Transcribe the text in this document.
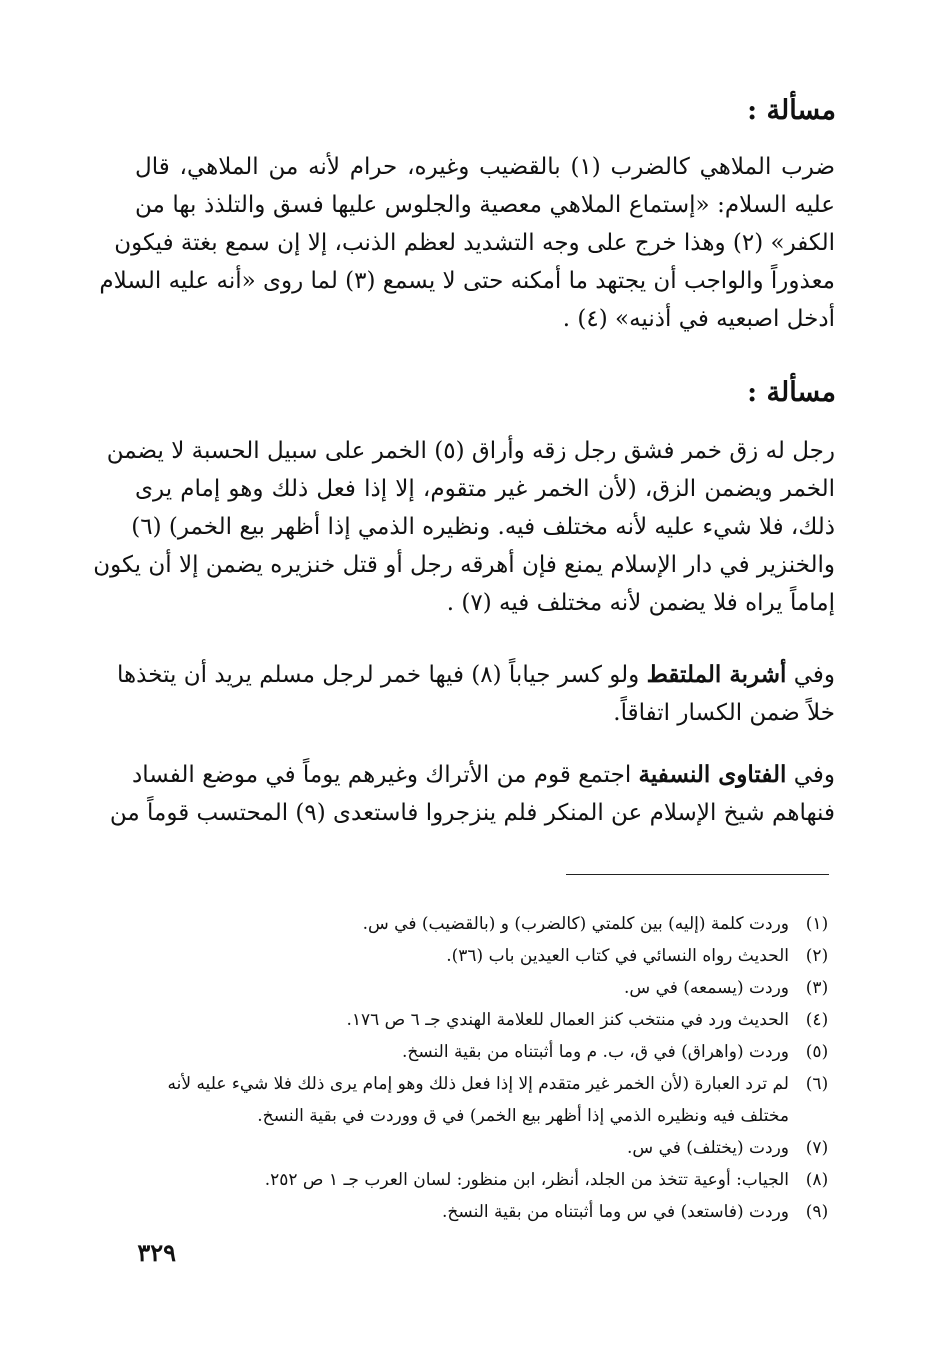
مسألة :
ضرب الملاهي كالضرب (١) بالقضيب وغيره، حرام لأنه من الملاهي، قال
عليه السلام: «إستماع الملاهي معصية والجلوس عليها فسق والتلذذ بها من
الكفر» (٢) وهذا خرج على وجه التشديد لعظم الذنب، إلا إن سمع بغتة فيكون
معذوراً والواجب أن يجتهد ما أمكنه حتى لا يسمع (٣) لما روى «أنه عليه السلام
أدخل اصبعيه في أذنيه» (٤) .
مسألة :
رجل له زق خمر فشق رجل زقه وأراق (٥) الخمر على سبيل الحسبة لا يضمن
الخمر ويضمن الزق، (لأن الخمر غير متقوم، إلا إذا فعل ذلك وهو إمام يرى
ذلك، فلا شيء عليه لأنه مختلف فيه. ونظيره الذمي إذا أظهر بيع الخمر) (٦)
والخنزير في دار الإسلام يمنع فإن أهرقه رجل أو قتل خنزيره يضمن إلا أن يكون
إماماً يراه فلا يضمن لأنه مختلف فيه (٧) .
وفي أشربة الملتقط ولو كسر جياباً (٨) فيها خمر لرجل مسلم يريد أن يتخذها
خلاً ضمن الكسار اتفاقاً.
وفي الفتاوى النسفية اجتمع قوم من الأتراك وغيرهم يوماً في موضع الفساد
فنهاهم شيخ الإسلام عن المنكر فلم ينزجروا فاستعدى (٩) المحتسب قوماً من
(١)
وردت كلمة (إليه) بين كلمتي (كالضرب) و (بالقضيب) في س.
(٢)
الحديث رواه النسائي في كتاب العيدين باب (٣٦).
(٣)
وردت (يسمعه) في س.
(٤)
الحديث ورد في منتخب كنز العمال للعلامة الهندي جـ ٦ ص ١٧٦.
(٥)
وردت (واهراق) في ق، ب. م وما أثبتناه من بقية النسخ.
(٦)
لم ترد العبارة (لأن الخمر غير متقدم إلا إذا فعل ذلك وهو إمام يرى ذلك فلا شيء عليه لأنه مختلف فيه ونظيره الذمي إذا أظهر بيع الخمر) في ق ووردت في بقية النسخ.
(٧)
وردت (يختلف) في س.
(٨)
الجياب: أوعية تتخذ من الجلد، أنظر، ابن منظور: لسان العرب جـ ١ ص ٢٥٢.
(٩)
وردت (فاستعد) في س وما أثبتناه من بقية النسخ.
٣٢٩
